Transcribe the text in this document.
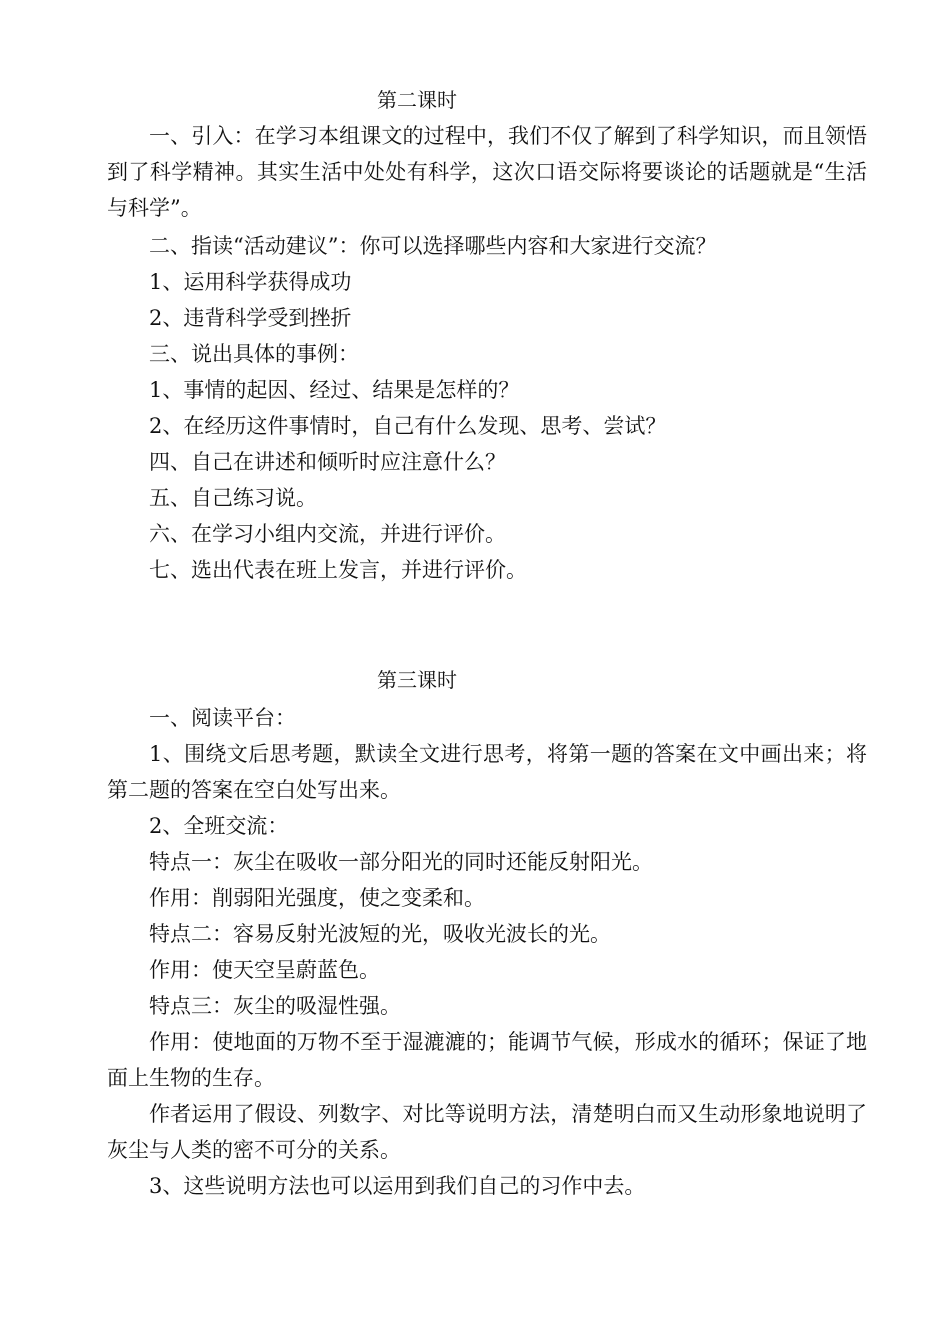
第二课时

一、引入：在学习本组课文的过程中，我们不仅了解到了科学知识，而且领悟到了科学精神。其实生活中处处有科学，这次口语交际将要谈论的话题就是“生活与科学”。

二、指读“活动建议”：你可以选择哪些内容和大家进行交流？

1、运用科学获得成功

2、违背科学受到挫折

三、说出具体的事例：

1、事情的起因、经过、结果是怎样的？

2、在经历这件事情时，自己有什么发现、思考、尝试？

四、自己在讲述和倾听时应注意什么？

五、自己练习说。

六、在学习小组内交流，并进行评价。

七、选出代表在班上发言，并进行评价。

第三课时

一、阅读平台：

1、围绕文后思考题，默读全文进行思考，将第一题的答案在文中画出来；将第二题的答案在空白处写出来。

2、全班交流：

特点一：灰尘在吸收一部分阳光的同时还能反射阳光。

作用：削弱阳光强度，使之变柔和。

特点二：容易反射光波短的光，吸收光波长的光。

作用：使天空呈蔚蓝色。

特点三：灰尘的吸湿性强。

作用：使地面的万物不至于湿漉漉的；能调节气候，形成水的循环；保证了地面上生物的生存。

作者运用了假设、列数字、对比等说明方法，清楚明白而又生动形象地说明了灰尘与人类的密不可分的关系。

3、这些说明方法也可以运用到我们自己的习作中去。
